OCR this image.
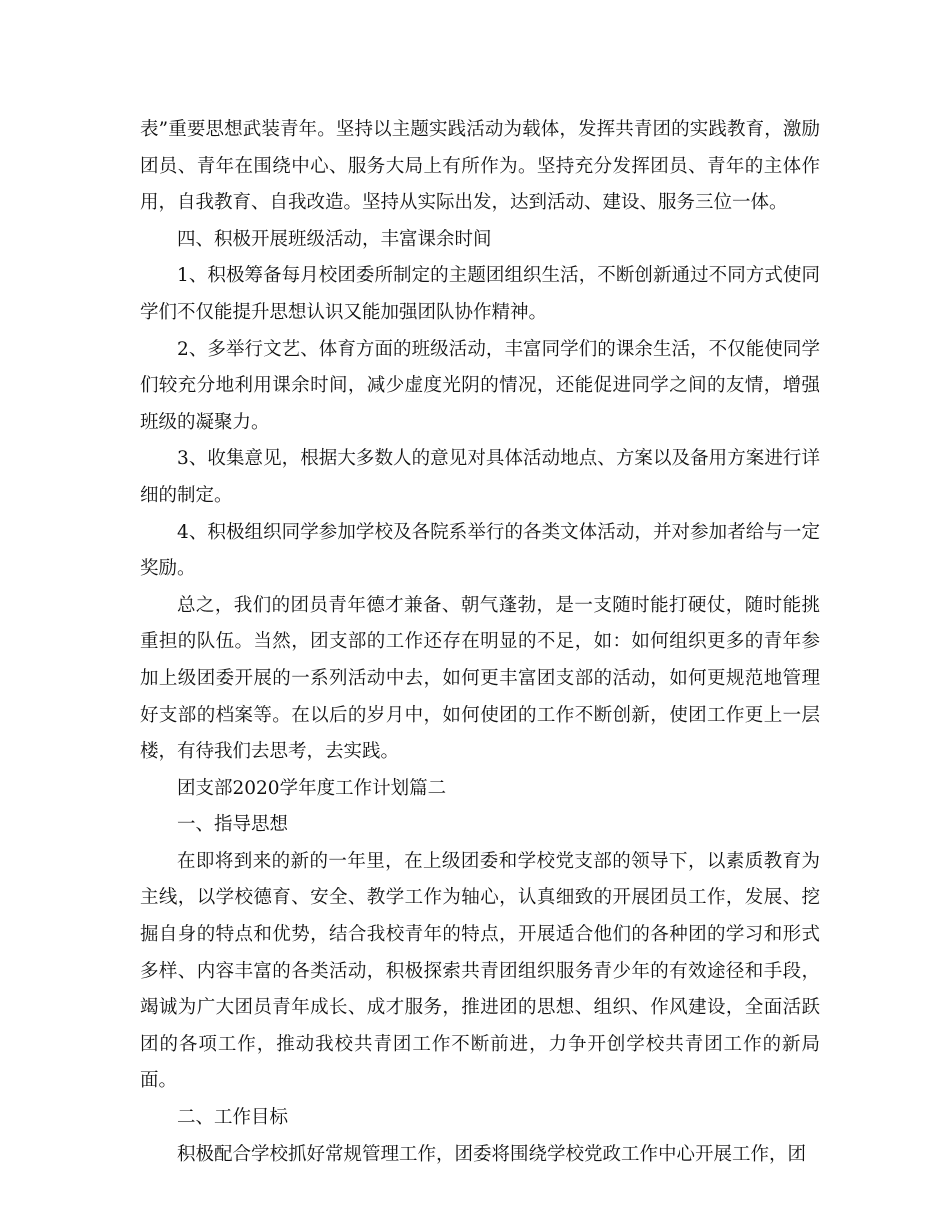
表”重要思想武装青年。坚持以主题实践活动为载体，发挥共青团的实践教育，激励团员、青年在围绕中心、服务大局上有所作为。坚持充分发挥团员、青年的主体作用，自我教育、自我改造。坚持从实际出发，达到活动、建设、服务三位一体。

四、积极开展班级活动，丰富课余时间

1、积极筹备每月校团委所制定的主题团组织生活，不断创新通过不同方式使同学们不仅能提升思想认识又能加强团队协作精神。

2、多举行文艺、体育方面的班级活动，丰富同学们的课余生活，不仅能使同学们较充分地利用课余时间，减少虚度光阴的情况，还能促进同学之间的友情，增强班级的凝聚力。

3、收集意见，根据大多数人的意见对具体活动地点、方案以及备用方案进行详细的制定。

4、积极组织同学参加学校及各院系举行的各类文体活动，并对参加者给与一定奖励。

总之，我们的团员青年德才兼备、朝气蓬勃，是一支随时能打硬仗，随时能挑重担的队伍。当然，团支部的工作还存在明显的不足，如：如何组织更多的青年参加上级团委开展的一系列活动中去，如何更丰富团支部的活动，如何更规范地管理好支部的档案等。在以后的岁月中，如何使团的工作不断创新，使团工作更上一层楼，有待我们去思考，去实践。

团支部2020学年度工作计划篇二

一、指导思想

在即将到来的新的一年里，在上级团委和学校党支部的领导下，以素质教育为主线，以学校德育、安全、教学工作为轴心，认真细致的开展团员工作，发展、挖掘自身的特点和优势，结合我校青年的特点，开展适合他们的各种团的学习和形式多样、内容丰富的各类活动，积极探索共青团组织服务青少年的有效途径和手段，竭诚为广大团员青年成长、成才服务，推进团的思想、组织、作风建设，全面活跃团的各项工作，推动我校共青团工作不断前进，力争开创学校共青团工作的新局面。

二、工作目标

积极配合学校抓好常规管理工作，团委将围绕学校党政工作中心开展工作，团
